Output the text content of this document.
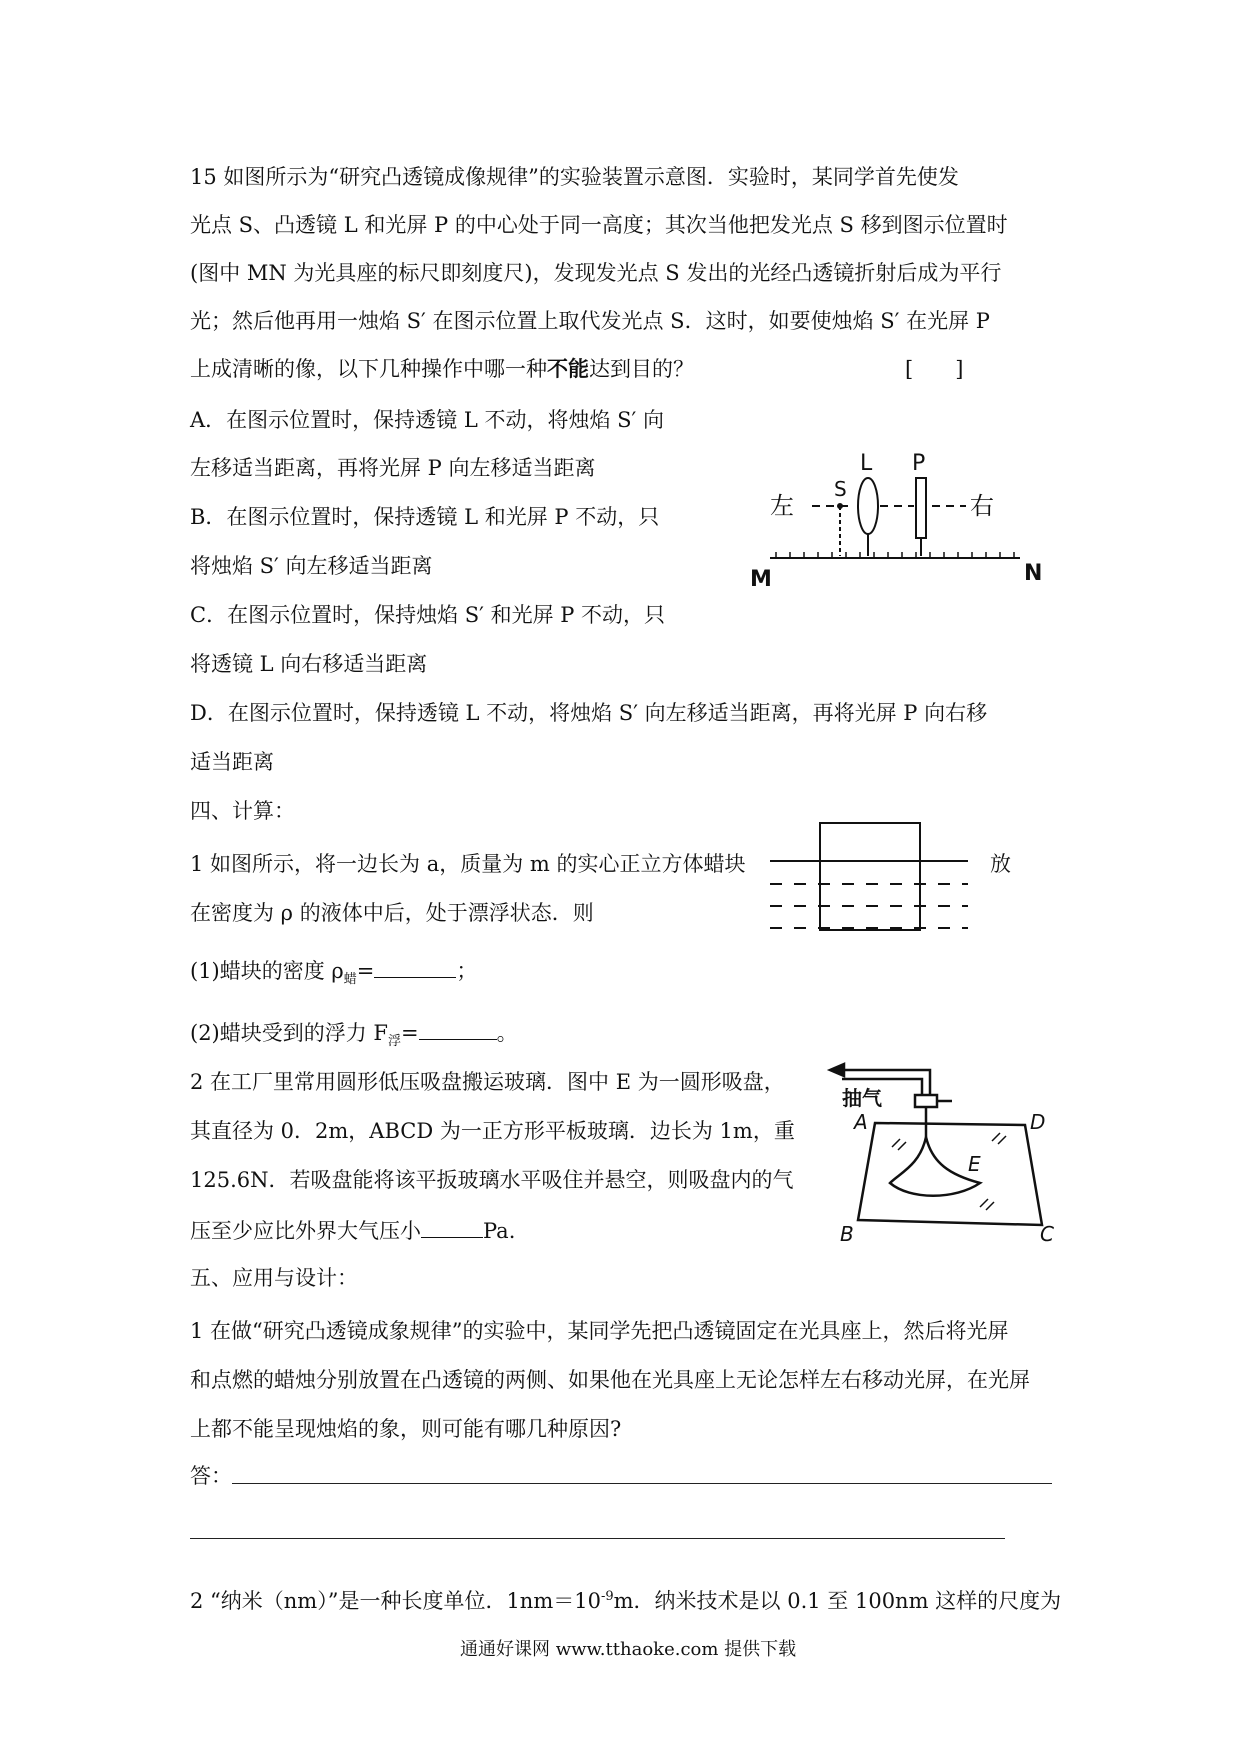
15 如图所示为“研究凸透镜成像规律”的实验装置示意图．实验时，某同学首先使发
光点 S、凸透镜 L 和光屏 P 的中心处于同一高度；其次当他把发光点 S 移到图示位置时
(图中 MN 为光具座的标尺即刻度尺)，发现发光点 S 发出的光经凸透镜折射后成为平行
光；然后他再用一烛焰 S′ 在图示位置上取代发光点 S．这时，如要使烛焰 S′ 在光屏 P
上成清晰的像，以下几种操作中哪一种不能达到目的？	[　　]
A．在图示位置时，保持透镜 L 不动，将烛焰 S′ 向
左移适当距离，再将光屏 P 向左移适当距离
B．在图示位置时，保持透镜 L 和光屏 P 不动，只
将烛焰 S′ 向左移适当距离
C．在图示位置时，保持烛焰 S′ 和光屏 P 不动，只
将透镜 L 向右移适当距离
D．在图示位置时，保持透镜 L 不动，将烛焰 S′ 向左移适当距离，再将光屏 P 向右移
适当距离
左	右
S
L P
M	N
四、计算：
1 如图所示，将一边长为 a，质量为 m 的实心正立方体蜡块	放
在密度为 ρ 的液体中后，处于漂浮状态．则
(1)蜡块的密度 $\rho_蜡=$	；
(2)蜡块受到的浮力 $F_浮=$	。
2 在工厂里常用圆形低压吸盘搬运玻璃．图中 E 为一圆形吸盘，
其直径为 0．2m，ABCD 为一正方形平板玻璃．边长为 1m，重
125.6N．若吸盘能将该平扳玻璃水平吸住并悬空，则吸盘内的气
压至少应比外界大气压小	Pa.
抽气
A	D
E
B	C
五、应用与设计：
1 在做“研究凸透镜成象规律”的实验中，某同学先把凸透镜固定在光具座上，然后将光屏
和点燃的蜡烛分别放置在凸透镜的两侧、如果他在光具座上无论怎样左右移动光屏，在光屏
上都不能呈现烛焰的象，则可能有哪几种原因?
答：
2 “纳米（nm）”是一种长度单位．$1nm=10^{-9}m$．纳米技术是以 0.1 至 100nm 这样的尺度为
通通好课网 www.tthaoke.com 提供下载
